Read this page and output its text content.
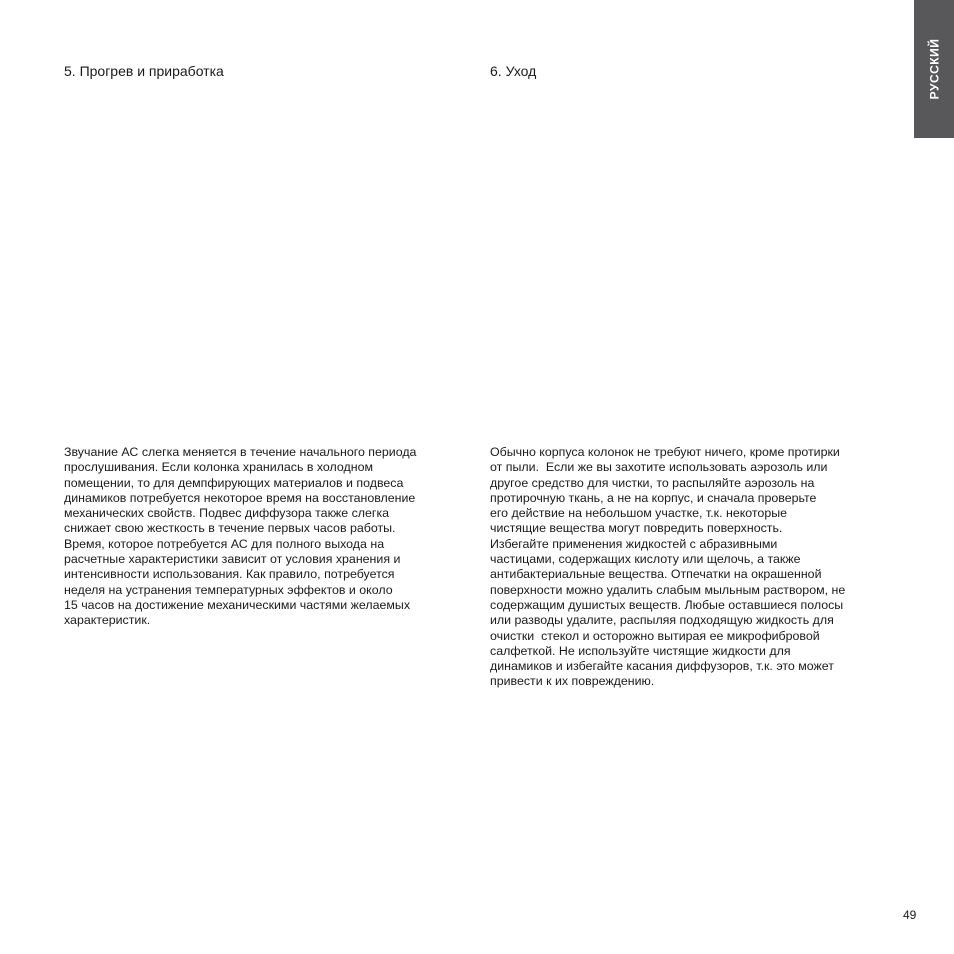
РУССКИЙ
5. Прогрев и приработка	6. Уход

Звучание АС слегка меняется в течение начального периода
прослушивания. Если колонка хранилась в холодном
помещении, то для демпфирующих материалов и подвеса
динамиков потребуется некоторое время на восстановление
механических свойств. Подвес диффузора также слегка
снижает свою жесткость в течение первых часов работы.
Время, которое потребуется АС для полного выхода на
расчетные характеристики зависит от условия хранения и
интенсивности использования. Как правило, потребуется
неделя на устранения температурных эффектов и около
15 часов на достижение механическими частями желаемых
характеристик.

Обычно корпуса колонок не требуют ничего, кроме протирки
от пыли.  Если же вы захотите использовать аэрозоль или
другое средство для чистки, то распыляйте аэрозоль на
протирочную ткань, а не на корпус, и сначала проверьте
его действие на небольшом участке, т.к. некоторые
чистящие вещества могут повредить поверхность.
Избегайте применения жидкостей с абразивными
частицами, содержащих кислоту или щелочь, а также
антибактериальные вещества. Отпечатки на окрашенной
поверхности можно удалить слабым мыльным раствором, не
содержащим душистых веществ. Любые оставшиеся полосы
или разводы удалите, распыляя подходящую жидкость для
очистки  стекол и осторожно вытирая ее микрофибровой
салфеткой. Не используйте чистящие жидкости для
динамиков и избегайте касания диффузоров, т.к. это может
привести к их повреждению.

49
